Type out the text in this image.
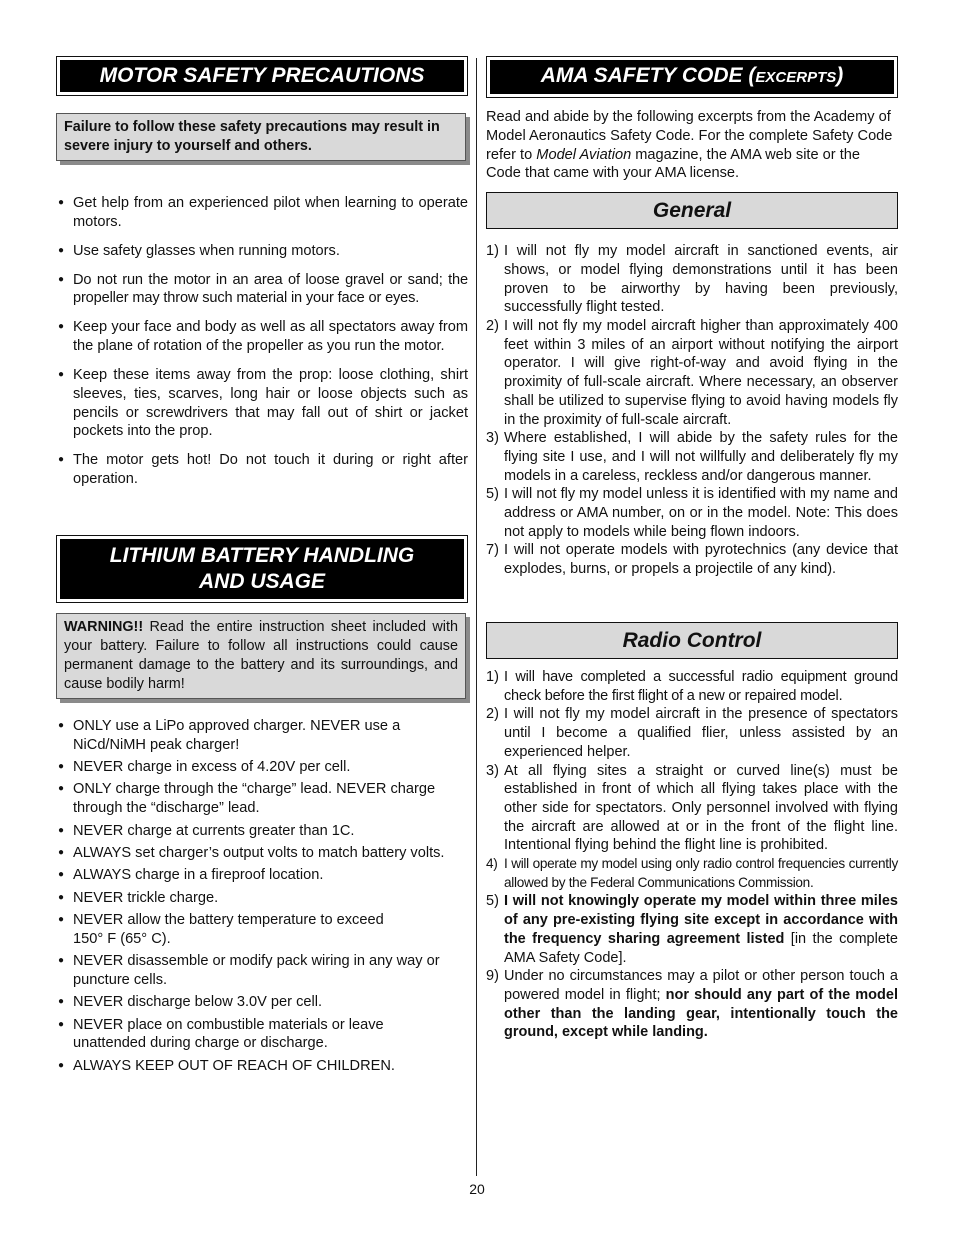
MOTOR SAFETY PRECAUTIONS
Failure to follow these safety precautions may result in severe injury to yourself and others.
● Get help from an experienced pilot when learning to operate motors.
● Use safety glasses when running motors.
● Do not run the motor in an area of loose gravel or sand; the propeller may throw such material in your face or eyes.
● Keep your face and body as well as all spectators away from the plane of rotation of the propeller as you run the motor.
● Keep these items away from the prop: loose clothing, shirt sleeves, ties, scarves, long hair or loose objects such as pencils or screwdrivers that may fall out of shirt or jacket pockets into the prop.
● The motor gets hot! Do not touch it during or right after operation.
LITHIUM BATTERY HANDLING
AND USAGE
WARNING!! Read the entire instruction sheet included with your battery. Failure to follow all instructions could cause permanent damage to the battery and its surroundings, and cause bodily harm!
● ONLY use a LiPo approved charger. NEVER use a NiCd/NiMH peak charger!
● NEVER charge in excess of 4.20V per cell.
● ONLY charge through the “charge” lead. NEVER charge through the “discharge” lead.
● NEVER charge at currents greater than 1C.
● ALWAYS set charger’s output volts to match battery volts.
● ALWAYS charge in a fireproof location.
● NEVER trickle charge.
● NEVER allow the battery temperature to exceed 150° F (65° C).
● NEVER disassemble or modify pack wiring in any way or puncture cells.
● NEVER discharge below 3.0V per cell.
● NEVER place on combustible materials or leave unattended during charge or discharge.
● ALWAYS KEEP OUT OF REACH OF CHILDREN.
AMA SAFETY CODE (EXCERPTS)
Read and abide by the following excerpts from the Academy of Model Aeronautics Safety Code. For the complete Safety Code refer to Model Aviation magazine, the AMA web site or the Code that came with your AMA license.
General
1) I will not fly my model aircraft in sanctioned events, air shows, or model flying demonstrations until it has been proven to be airworthy by having been previously, successfully flight tested.
2) I will not fly my model aircraft higher than approximately 400 feet within 3 miles of an airport without notifying the airport operator. I will give right-of-way and avoid flying in the proximity of full-scale aircraft. Where necessary, an observer shall be utilized to supervise flying to avoid having models fly in the proximity of full-scale aircraft.
3) Where established, I will abide by the safety rules for the flying site I use, and I will not willfully and deliberately fly my models in a careless, reckless and/or dangerous manner.
5) I will not fly my model unless it is identified with my name and address or AMA number, on or in the model. Note: This does not apply to models while being flown indoors.
7) I will not operate models with pyrotechnics (any device that explodes, burns, or propels a projectile of any kind).
Radio Control
1) I will have completed a successful radio equipment ground check before the first flight of a new or repaired model.
2) I will not fly my model aircraft in the presence of spectators until I become a qualified flier, unless assisted by an experienced helper.
3) At all flying sites a straight or curved line(s) must be established in front of which all flying takes place with the other side for spectators. Only personnel involved with flying the aircraft are allowed at or in the front of the flight line. Intentional flying behind the flight line is prohibited.
4) I will operate my model using only radio control frequencies currently allowed by the Federal Communications Commission.
5) I will not knowingly operate my model within three miles of any pre-existing flying site except in accordance with the frequency sharing agreement listed [in the complete AMA Safety Code].
9) Under no circumstances may a pilot or other person touch a powered model in flight; nor should any part of the model other than the landing gear, intentionally touch the ground, except while landing.
20
